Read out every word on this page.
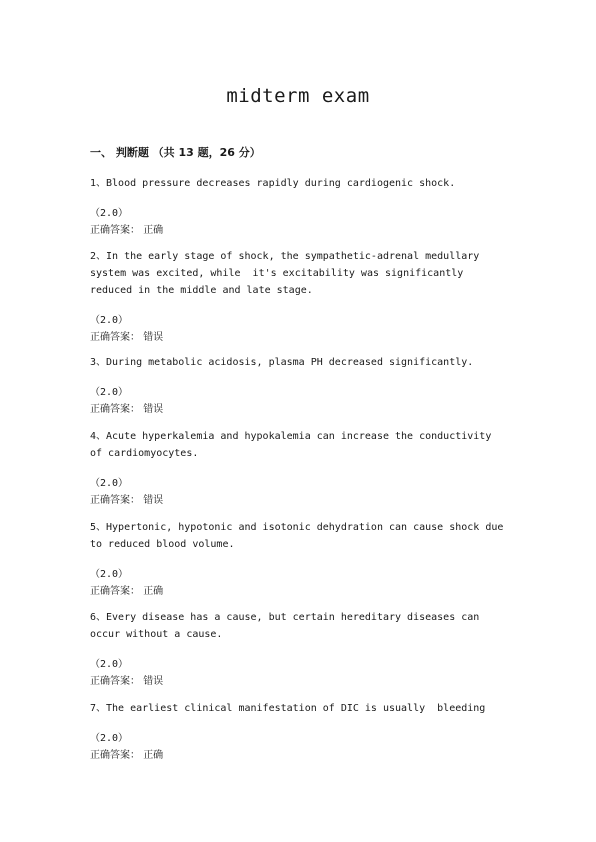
midterm exam
一、 判断题 （共 13 题，26 分）
1、Blood pressure decreases rapidly during cardiogenic shock.
（2.0）
正确答案： 正确
2、In the early stage of shock, the sympathetic-adrenal medullary
system was excited, while  it's excitability was significantly
reduced in the middle and late stage.
（2.0）
正确答案： 错误
3、During metabolic acidosis, plasma PH decreased significantly.
（2.0）
正确答案： 错误
4、Acute hyperkalemia and hypokalemia can increase the conductivity
of cardiomyocytes.
（2.0）
正确答案： 错误
5、Hypertonic, hypotonic and isotonic dehydration can cause shock due
to reduced blood volume.
（2.0）
正确答案： 正确
6、Every disease has a cause, but certain hereditary diseases can
occur without a cause.
（2.0）
正确答案： 错误
7、The earliest clinical manifestation of DIC is usually  bleeding
（2.0）
正确答案： 正确
